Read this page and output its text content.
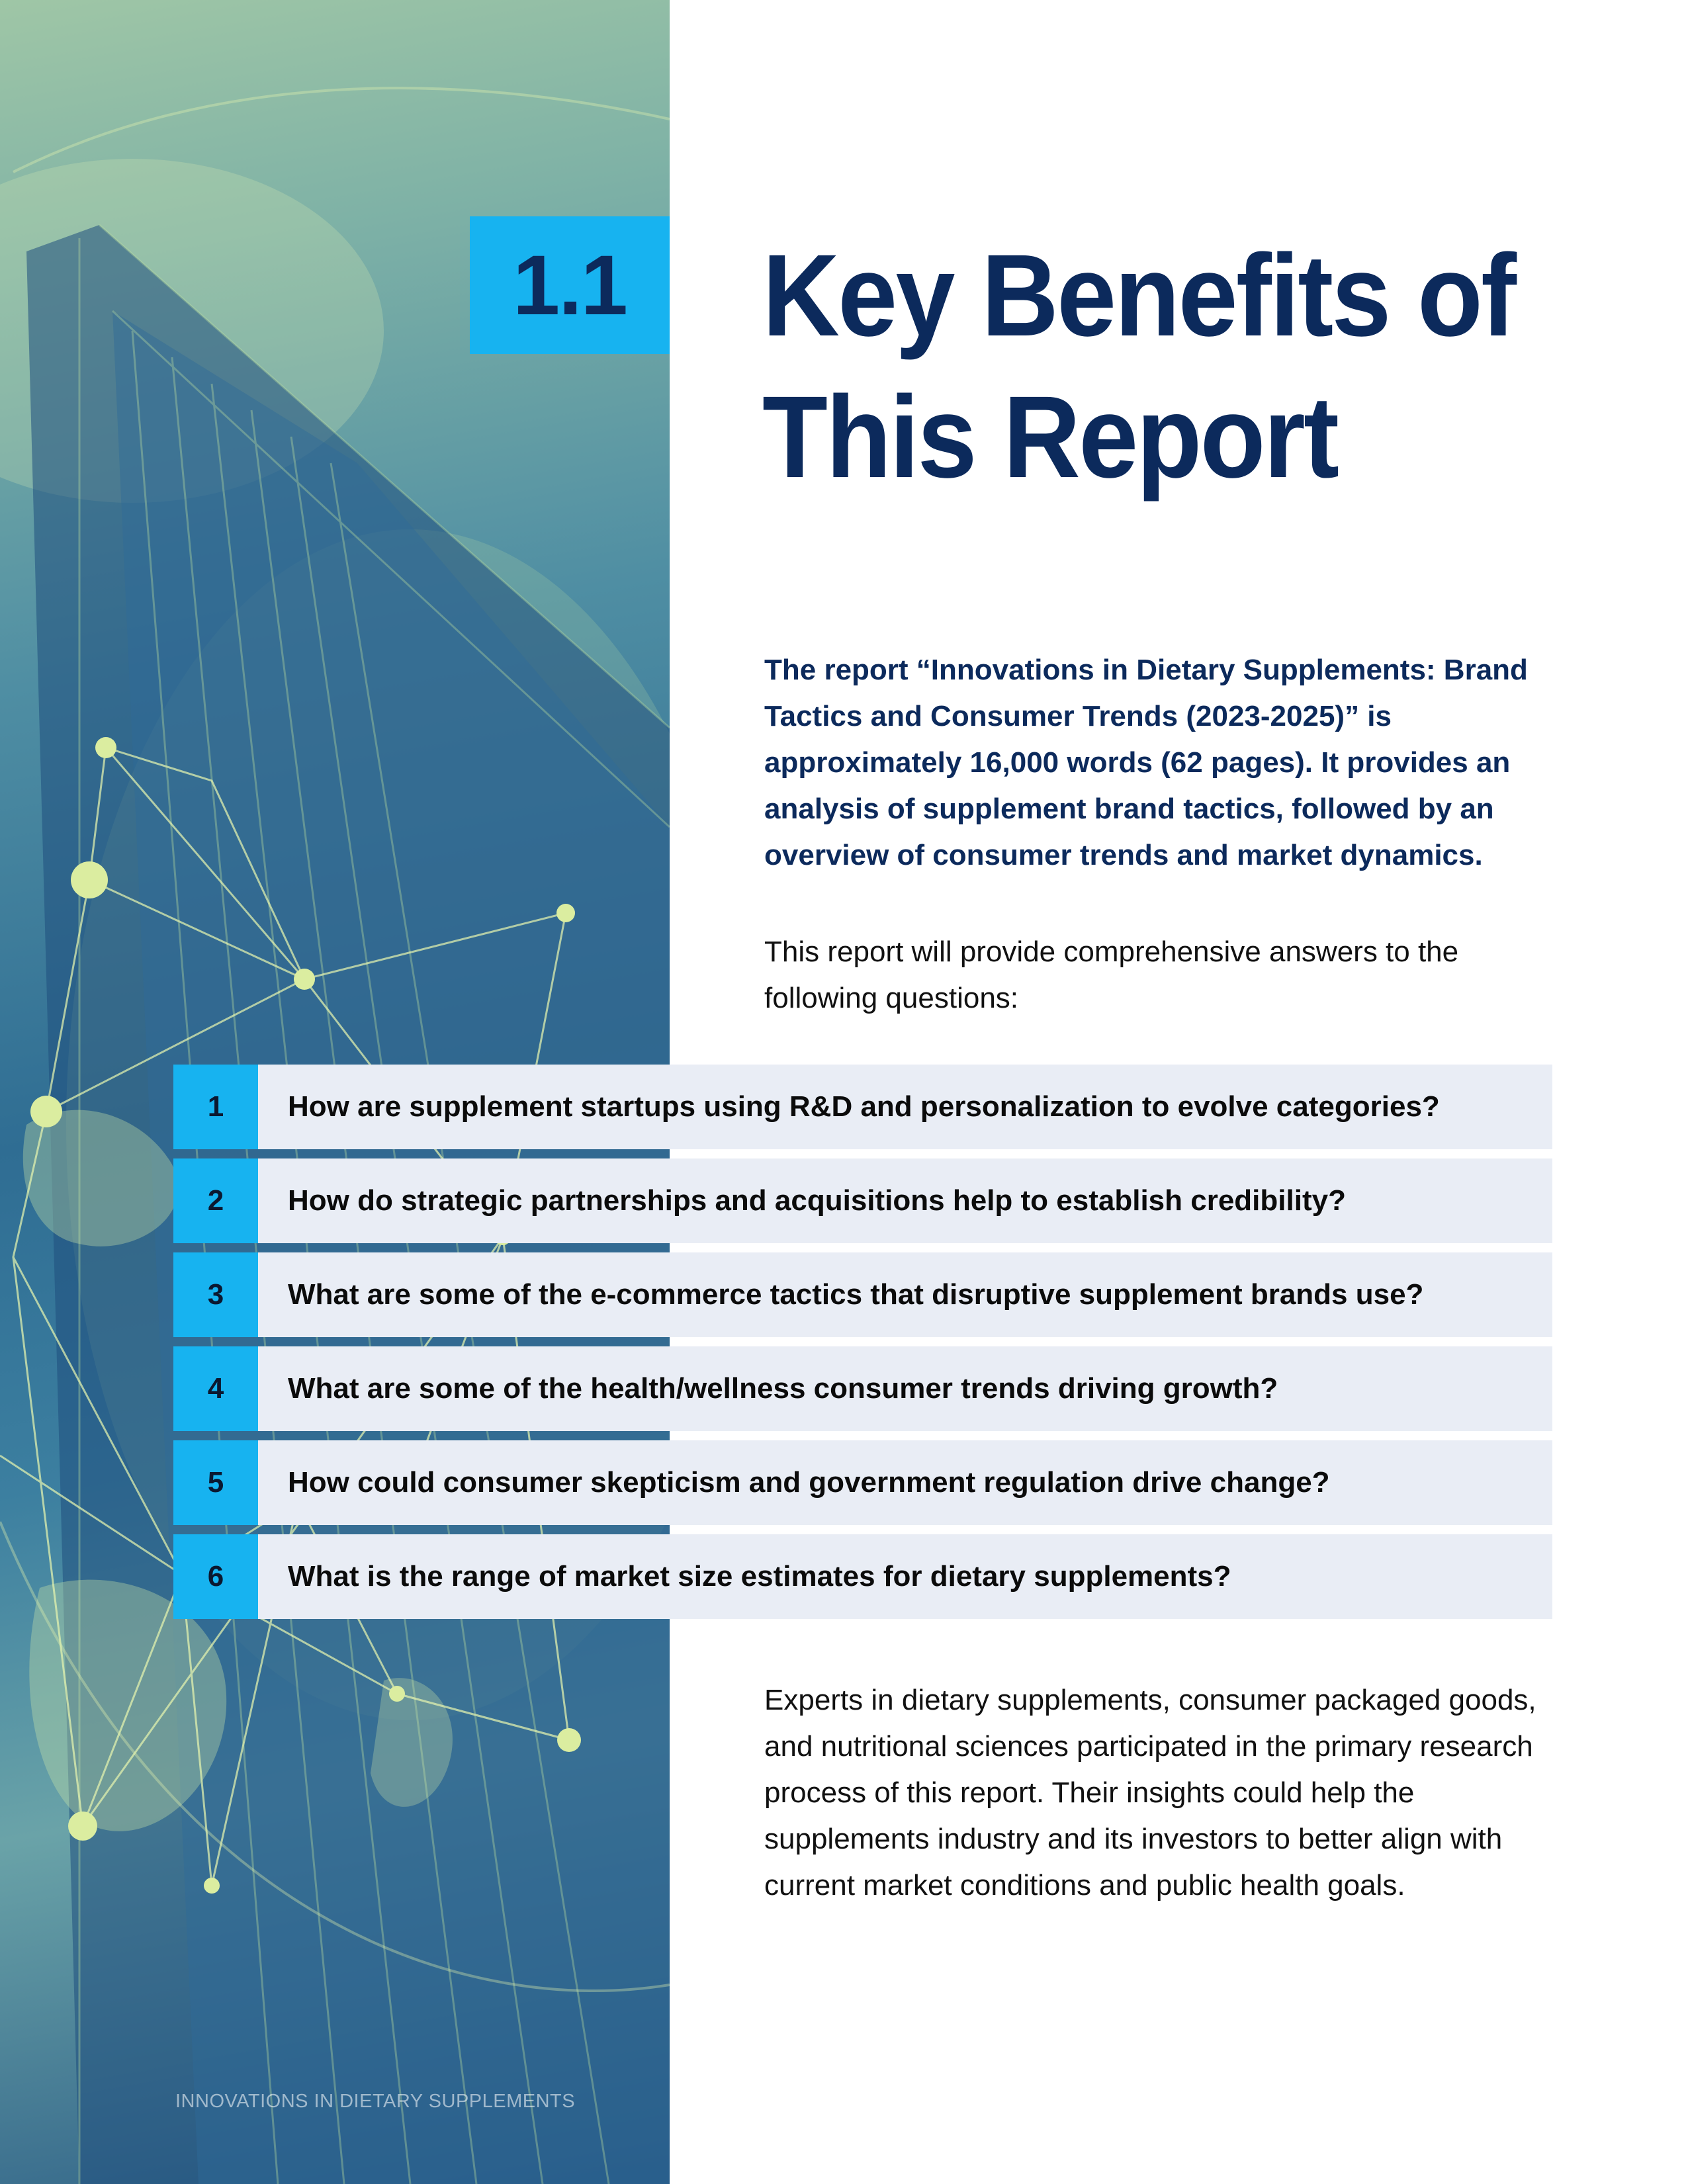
1.1 Key Benefits of
This Report

The report “Innovations in Dietary Supplements: Brand Tactics and Consumer Trends (2023-2025)” is approximately 16,000 words (62 pages). It provides an analysis of supplement brand tactics, followed by an overview of consumer trends and market dynamics.

This report will provide comprehensive answers to the following questions:

1	How are supplement startups using R&D and personalization to evolve categories?
2	How do strategic partnerships and acquisitions help to establish credibility?
3	What are some of the e-commerce tactics that disruptive supplement brands use?
4	What are some of the health/wellness consumer trends driving growth?
5	How could consumer skepticism and government regulation drive change?
6	What is the range of market size estimates for dietary supplements?

Experts in dietary supplements, consumer packaged goods, and nutritional sciences participated in the primary research process of this report. Their insights could help the supplements industry and its investors to better align with current market conditions and public health goals.

INNOVATIONS IN DIETARY SUPPLEMENTS
